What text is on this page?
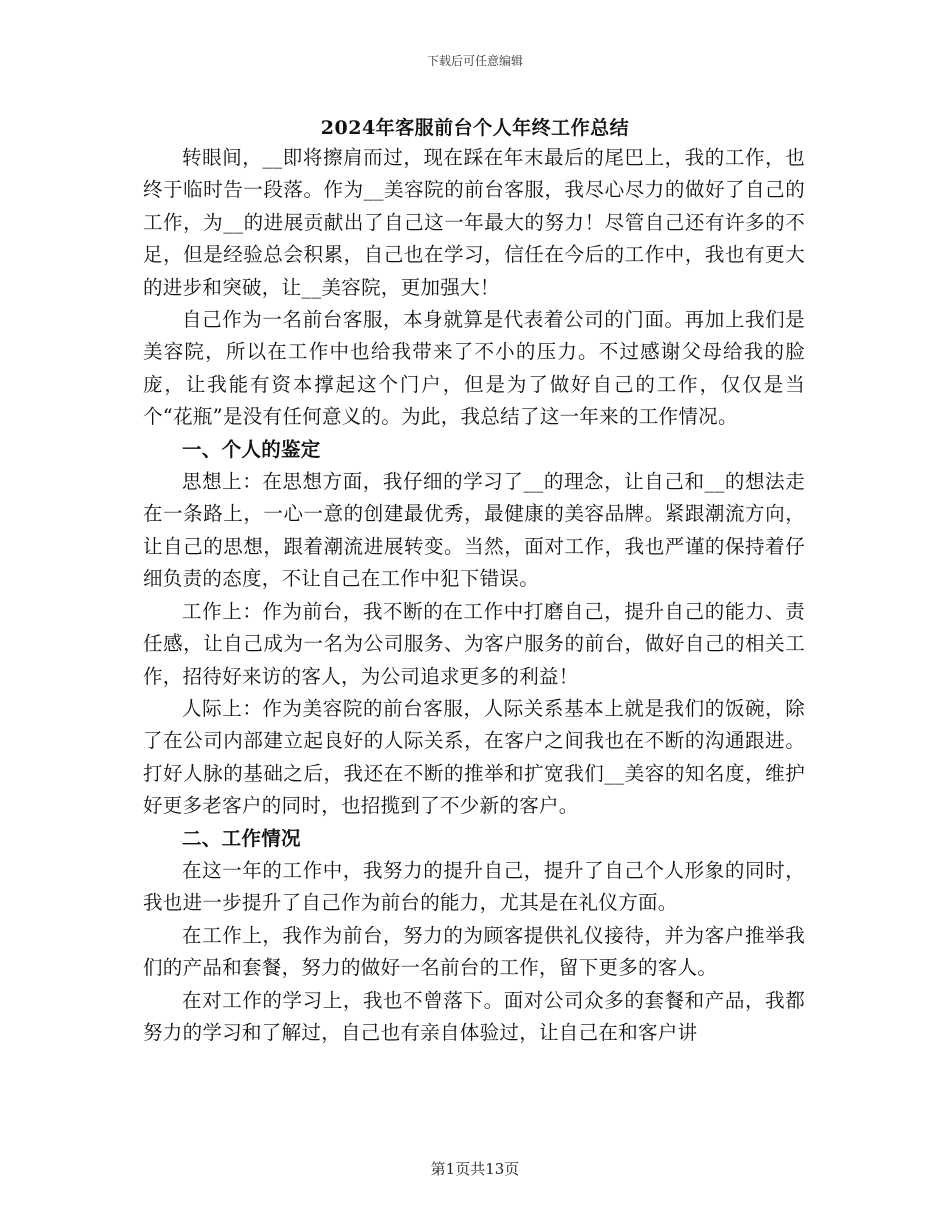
下载后可任意编辑
2024年客服前台个人年终工作总结

转眼间，__即将擦肩而过，现在踩在年末最后的尾巴上，我的工作，也终于临时告一段落。作为__美容院的前台客服，我尽心尽力的做好了自己的工作，为__的进展贡献出了自己这一年最大的努力！尽管自己还有许多的不足，但是经验总会积累，自己也在学习，信任在今后的工作中，我也有更大的进步和突破，让__美容院，更加强大！

自己作为一名前台客服，本身就算是代表着公司的门面。再加上我们是美容院，所以在工作中也给我带来了不小的压力。不过感谢父母给我的脸庞，让我能有资本撑起这个门户，但是为了做好自己的工作，仅仅是当个“花瓶”是没有任何意义的。为此，我总结了这一年来的工作情况。

一、个人的鉴定

思想上：在思想方面，我仔细的学习了__的理念，让自己和__的想法走在一条路上，一心一意的创建最优秀，最健康的美容品牌。紧跟潮流方向，让自己的思想，跟着潮流进展转变。当然，面对工作，我也严谨的保持着仔细负责的态度，不让自己在工作中犯下错误。

工作上：作为前台，我不断的在工作中打磨自己，提升自己的能力、责任感，让自己成为一名为公司服务、为客户服务的前台，做好自己的相关工作，招待好来访的客人，为公司追求更多的利益！

人际上：作为美容院的前台客服，人际关系基本上就是我们的饭碗，除了在公司内部建立起良好的人际关系，在客户之间我也在不断的沟通跟进。打好人脉的基础之后，我还在不断的推举和扩宽我们__美容的知名度，维护好更多老客户的同时，也招揽到了不少新的客户。

二、工作情况

在这一年的工作中，我努力的提升自己，提升了自己个人形象的同时，我也进一步提升了自己作为前台的能力，尤其是在礼仪方面。

在工作上，我作为前台，努力的为顾客提供礼仪接待，并为客户推举我们的产品和套餐，努力的做好一名前台的工作，留下更多的客人。

在对工作的学习上，我也不曾落下。面对公司众多的套餐和产品，我都努力的学习和了解过，自己也有亲自体验过，让自己在和客户讲

第1页共13页
